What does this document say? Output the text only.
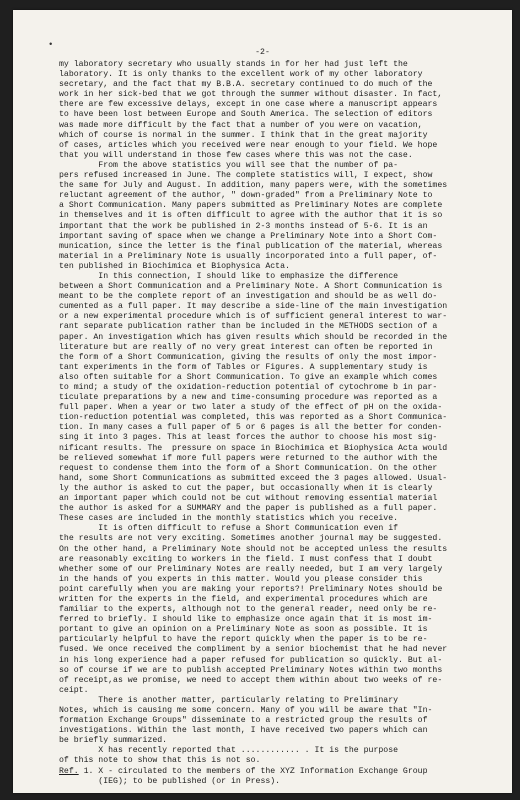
•
-2-
my laboratory secretary who usually stands in for her had just left the
laboratory. It is only thanks to the excellent work of my other laboratory
secretary, and the fact that my B.B.A. secretary continued to do much of the
work in her sick-bed that we got through the summer without disaster. In fact,
there are few excessive delays, except in one case where a manuscript appears
to have been lost between Europe and South America. The selection of editors
was made more difficult by the fact that a number of you were on vacation,
which of course is normal in the summer. I think that in the great majority
of cases, articles which you received were near enough to your field. We hope
that you will understand in those few cases where this was not the case.
From the above statistics you will see that the number of pa-
pers refused increased in June. The complete statistics will, I expect, show
the same for July and August. In addition, many papers were, with the sometimes
reluctant agreement of the author, " down-graded" from a Preliminary Note to
a Short Communication. Many papers submitted as Preliminary Notes are complete
in themselves and it is often difficult to agree with the author that it is so
important that the work be published in 2-3 months instead of 5-6. It is an
important saving of space when we change a Preliminary Note into a Short Com-
munication, since the letter is the final publication of the material, whereas
material in a Preliminary Note is usually incorporated into a full paper, of-
ten published in Biochimica et Biophysica Acta.
In this connection, I should like to emphasize the difference
between a Short Communication and a Preliminary Note. A Short Communication is
meant to be the complete report of an investigation and should be as well do-
cumented as a full paper. It may describe a side-line of the main investigation
or a new experimental procedure which is of sufficient general interest to war-
rant separate publication rather than be included in the METHODS section of a
paper. An investigation which has given results which should be recorded in the
literature but are really of no very great interest can often be reported in
the form of a Short Communication, giving the results of only the most impor-
tant experiments in the form of Tables or Figures. A supplementary study is
also often suitable for a Short Communication. To give an example which comes
to mind; a study of the oxidation-reduction potential of cytochrome b in par-
ticulate preparations by a new and time-consuming procedure was reported as a
full paper. When a year or two later a study of the effect of pH on the oxida-
tion-reduction potential was completed, this was reported as a Short Communica-
tion. In many cases a full paper of 5 or 6 pages is all the better for conden-
sing it into 3 pages. This at least forces the author to choose his most sig-
nificant results. The  pressure on space in Biochimica et Biophysica Acta would
be relieved somewhat if more full papers were returned to the author with the
request to condense them into the form of a Short Communication. On the other
hand, some Short Communications as submitted exceed the 3 pages allowed. Usual-
ly the author is asked to cut the paper, but occasionally when it is clearly
an important paper which could not be cut without removing essential material
the author is asked for a SUMMARY and the paper is published as a full paper.
These cases are included in the monthly statistics which you receive.
It is often difficult to refuse a Short Communication even if
the results are not very exciting. Sometimes another journal may be suggested.
On the other hand, a Preliminary Note should not be accepted unless the results
are reasonably exciting to workers in the field. I must confess that I doubt
whether some of our Preliminary Notes are really needed, but I am very largely
in the hands of you experts in this matter. Would you please consider this
point carefully when you are making your reports?! Preliminary Notes should be
written for the experts in the field, and experimental procedures which are
familiar to the experts, although not to the general reader, need only be re-
ferred to briefly. I should like to emphasize once again that it is most im-
portant to give an opinion on a Preliminary Note as soon as possible. It is
particularly helpful to have the report quickly when the paper is to be re-
fused. We once received the compliment by a senior biochemist that he had never
in his long experience had a paper refused for publication so quickly. But al-
so of course if we are to publish accepted Preliminary Notes within two months
of receipt,as we promise, we need to accept them within about two weeks of re-
ceipt.
There is another matter, particularly relating to Preliminary
Notes, which is causing me some concern. Many of you will be aware that "In-
formation Exchange Groups" disseminate to a restricted group the results of
investigations. Within the last month, I have received two papers which can
be briefly summarized.
X has recently reported that ............ . It is the purpose
of this note to show that this is not so.
Ref. 1. X - circulated to the members of the XYZ Information Exchange Group
(IEG); to be published (or in Press).
